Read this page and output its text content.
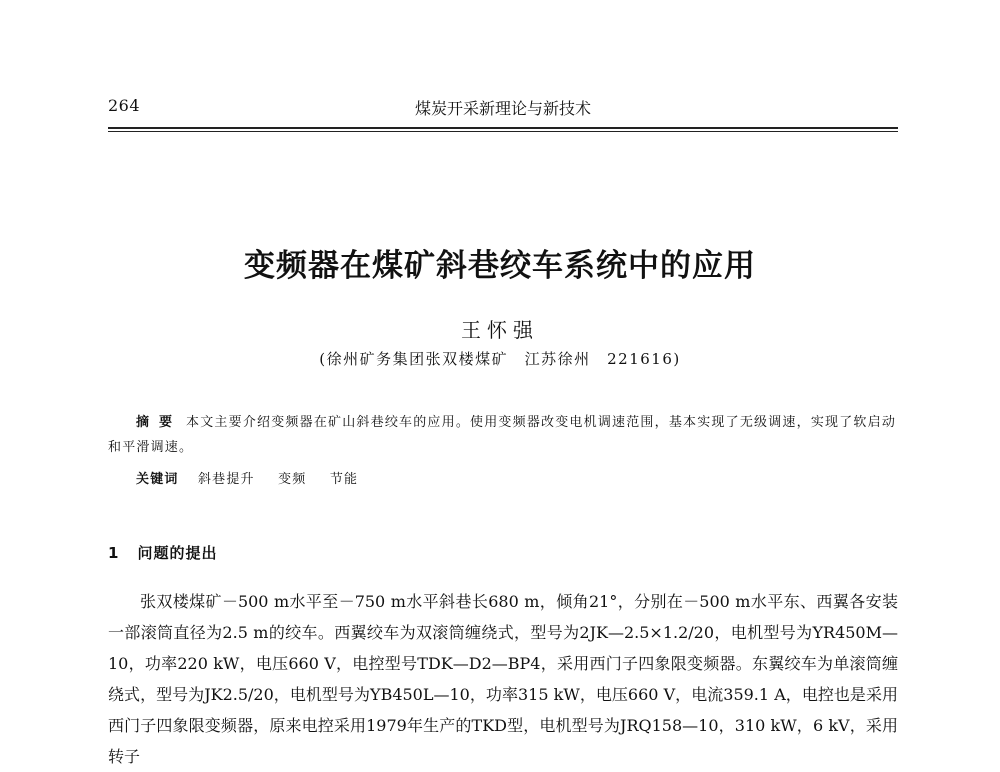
264	煤炭开采新理论与新技术
变频器在煤矿斜巷绞车系统中的应用
王怀强
(徐州矿务集团张双楼煤矿　江苏徐州　221616)
摘要 本文主要介绍变频器在矿山斜巷绞车的应用。使用变频器改变电机调速范围，基本实现了无级调速，实现了软启动和平滑调速。
关键词 斜巷提升 变频 节能
1 问题的提出
张双楼煤矿－500 m水平至－750 m水平斜巷长680 m，倾角21°，分别在－500 m水平东、西翼各安装一部滚筒直径为2.5 m的绞车。西翼绞车为双滚筒缠绕式，型号为2JK—2.5×1.2/20，电机型号为YR450M—10，功率220 kW，电压660 V，电控型号TDK—D2—BP4，采用西门子四象限变频器。东翼绞车为单滚筒缠绕式，型号为JK2.5/20，电机型号为YB450L—10，功率315 kW，电压660 V，电流359.1 A，电控也是采用西门子四象限变频器，原来电控采用1979年生产的TKD型，电机型号为JRQ158—10，310 kW，6 kV，采用转子
